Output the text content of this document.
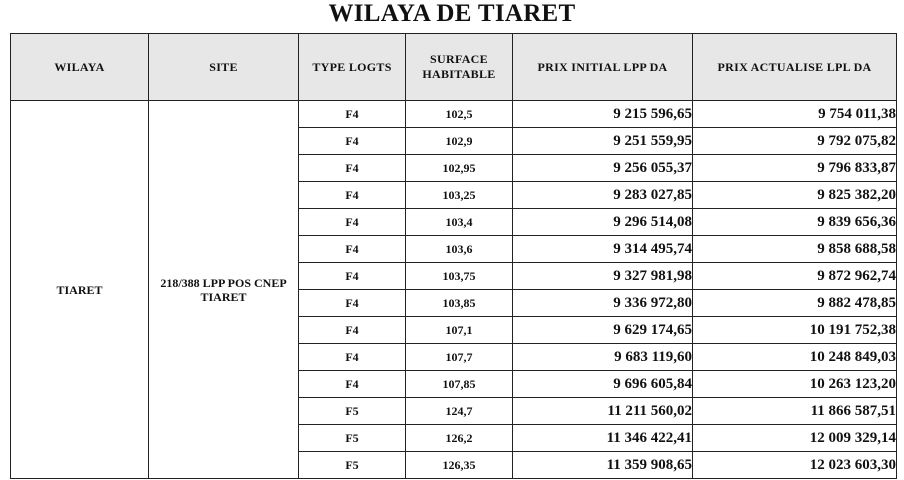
WILAYA DE TIARET
WILAYA	SITE	TYPE LOGTS	SURFACE HABITABLE	PRIX INITIAL LPP DA	PRIX ACTUALISE LPL DA
TIARET	218/388 LPP POS CNEP TIARET	F4	102,5	9 215 596,65	9 754 011,38
		F4	102,9	9 251 559,95	9 792 075,82
		F4	102,95	9 256 055,37	9 796 833,87
		F4	103,25	9 283 027,85	9 825 382,20
		F4	103,4	9 296 514,08	9 839 656,36
		F4	103,6	9 314 495,74	9 858 688,58
		F4	103,75	9 327 981,98	9 872 962,74
		F4	103,85	9 336 972,80	9 882 478,85
		F4	107,1	9 629 174,65	10 191 752,38
		F4	107,7	9 683 119,60	10 248 849,03
		F4	107,85	9 696 605,84	10 263 123,20
		F5	124,7	11 211 560,02	11 866 587,51
		F5	126,2	11 346 422,41	12 009 329,14
		F5	126,35	11 359 908,65	12 023 603,30
